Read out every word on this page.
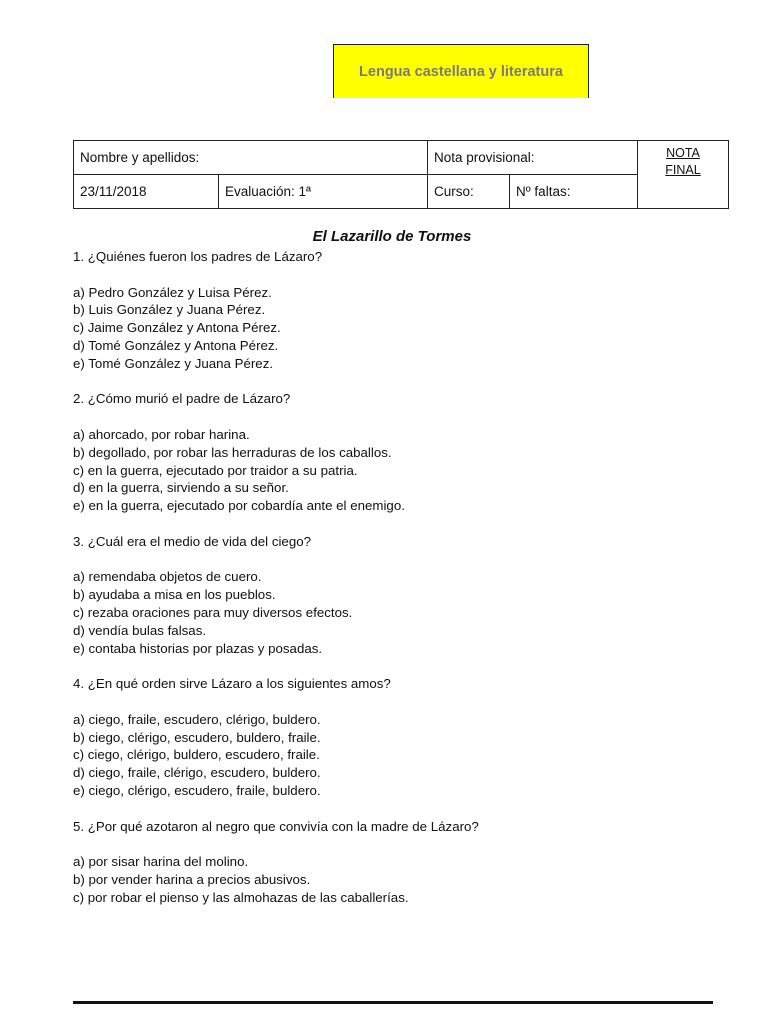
Lengua castellana y literatura
Nombre y apellidos:		Nota provisional:		NOTA
FINAL

23/11/2018	Evaluación: 1ª	Curso:	Nº faltas:	
El Lazarillo de Tormes

1. ¿Quiénes fueron los padres de Lázaro?

a) Pedro González y Luisa Pérez.

b) Luis González y Juana Pérez.

c) Jaime González y Antona Pérez.

d) Tomé González y Antona Pérez.

e) Tomé González y Juana Pérez.

2. ¿Cómo murió el padre de Lázaro?

a) ahorcado, por robar harina.

b) degollado, por robar las herraduras de los caballos.

c) en la guerra, ejecutado por traidor a su patria.

d) en la guerra, sirviendo a su señor.

e) en la guerra, ejecutado por cobardía ante el enemigo.

3. ¿Cuál era el medio de vida del ciego?

a) remendaba objetos de cuero.

b) ayudaba a misa en los pueblos.

c) rezaba oraciones para muy diversos efectos.

d) vendía bulas falsas.

e) contaba historias por plazas y posadas.

4. ¿En qué orden sirve Lázaro a los siguientes amos?

a) ciego, fraile, escudero, clérigo, buldero.

b) ciego, clérigo, escudero, buldero, fraile.

c) ciego, clérigo, buldero, escudero, fraile.

d) ciego, fraile, clérigo, escudero, buldero.

e) ciego, clérigo, escudero, fraile, buldero.

5. ¿Por qué azotaron al negro que convivía con la madre de Lázaro?

a) por sisar harina del molino.

b) por vender harina a precios abusivos.

c) por robar el pienso y las almohazas de las caballerías.
